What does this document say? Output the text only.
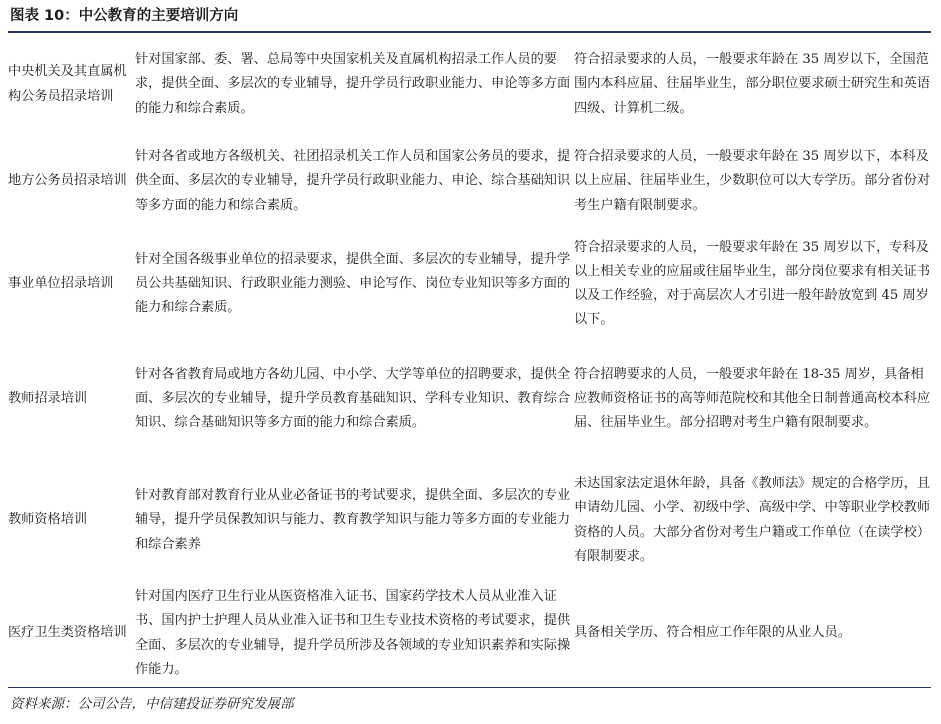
图表 10：中公教育的主要培训方向
中央机关及其直属机构公务员招录培训	针对国家部、委、署、总局等中央国家机关及直属机构招录工作人员的要求，提供全面、多层次的专业辅导，提升学员行政职业能力、申论等多方面的能力和综合素质。	符合招录要求的人员，一般要求年龄在 35 周岁以下，全国范围内本科应届、往届毕业生，部分职位要求硕士研究生和英语四级、计算机二级。
地方公务员招录培训	针对各省或地方各级机关、社团招录机关工作人员和国家公务员的要求，提供全面、多层次的专业辅导，提升学员行政职业能力、申论、综合基础知识等多方面的能力和综合素质。	符合招录要求的人员，一般要求年龄在 35 周岁以下，本科及以上应届、往届毕业生，少数职位可以大专学历。部分省份对考生户籍有限制要求。
事业单位招录培训	针对全国各级事业单位的招录要求，提供全面、多层次的专业辅导，提升学员公共基础知识、行政职业能力测验、申论写作、岗位专业知识等多方面的能力和综合素质。	符合招录要求的人员，一般要求年龄在 35 周岁以下，专科及以上相关专业的应届或往届毕业生，部分岗位要求有相关证书以及工作经验，对于高层次人才引进一般年龄放宽到 45 周岁以下。
教师招录培训	针对各省教育局或地方各幼儿园、中小学、大学等单位的招聘要求，提供全面、多层次的专业辅导，提升学员教育基础知识、学科专业知识、教育综合知识、综合基础知识等多方面的能力和综合素质。	符合招聘要求的人员，一般要求年龄在 18-35 周岁，具备相应教师资格证书的高等师范院校和其他全日制普通高校本科应届、往届毕业生。部分招聘对考生户籍有限制要求。
教师资格培训	针对教育部对教育行业从业必备证书的考试要求，提供全面、多层次的专业辅导，提升学员保教知识与能力、教育教学知识与能力等多方面的专业能力和综合素养	未达国家法定退休年龄，具备《教师法》规定的合格学历，且申请幼儿园、小学、初级中学、高级中学、中等职业学校教师资格的人员。大部分省份对考生户籍或工作单位（在读学校）有限制要求。
医疗卫生类资格培训	针对国内医疗卫生行业从医资格准入证书、国家药学技术人员从业准入证书、国内护士护理人员从业准入证书和卫生专业技术资格的考试要求，提供全面、多层次的专业辅导，提升学员所涉及各领域的专业知识素养和实际操作能力。	具备相关学历、符合相应工作年限的从业人员。
资料来源：公司公告，中信建投证券研究发展部
